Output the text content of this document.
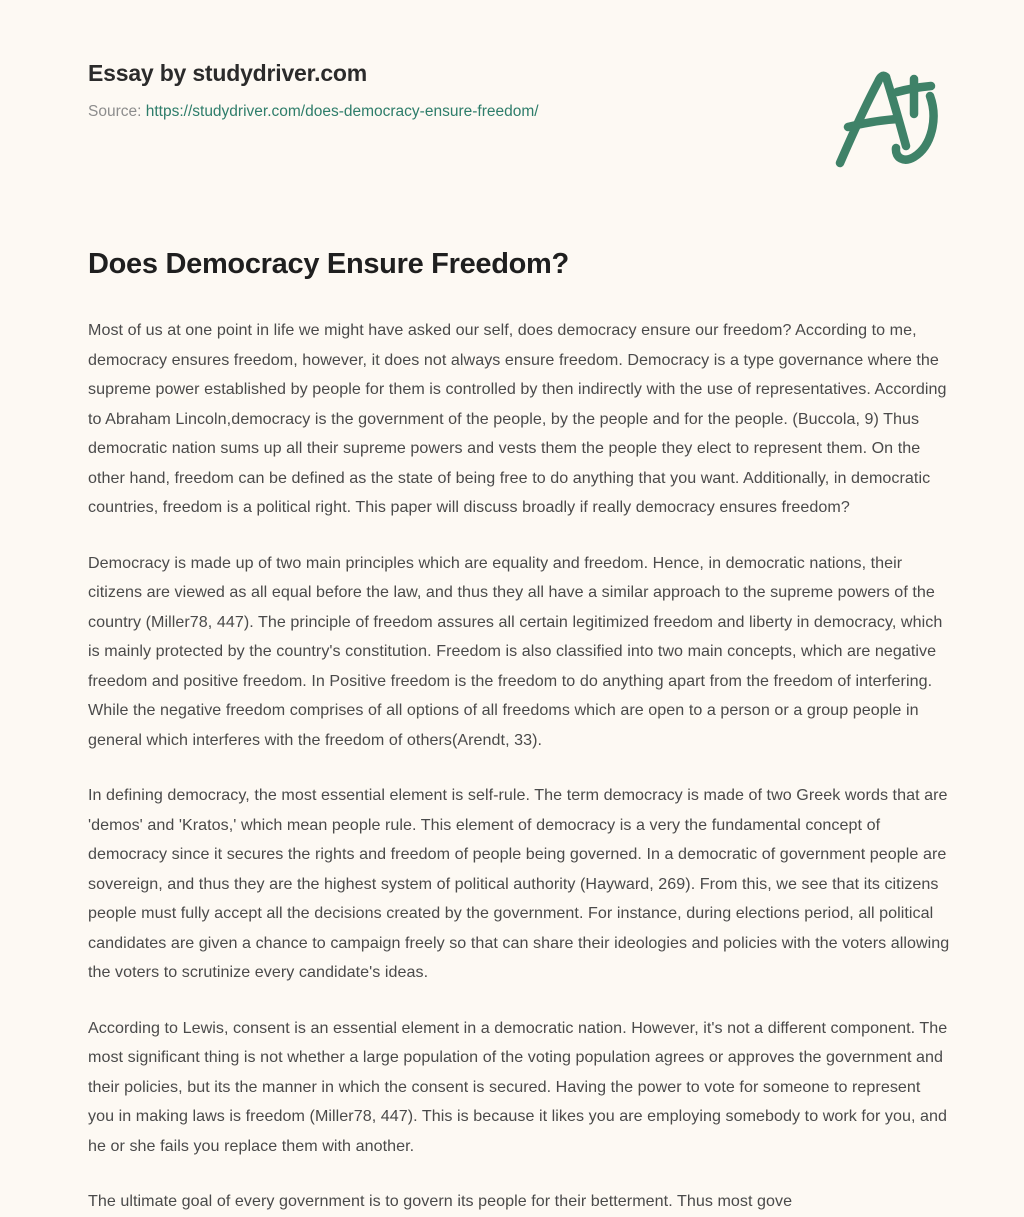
Essay by studydriver.com
Source: https://studydriver.com/does-democracy-ensure-freedom/
Does Democracy Ensure Freedom?

Most of us at one point in life we might have asked our self, does democracy ensure our freedom? According to me, democracy ensures freedom, however, it does not always ensure freedom. Democracy is a type governance where the supreme power established by people for them is controlled by then indirectly with the use of representatives. According to Abraham Lincoln,democracy is the government of the people, by the people and for the people. (Buccola, 9) Thus democratic nation sums up all their supreme powers and vests them the people they elect to represent them. On the other hand, freedom can be defined as the state of being free to do anything that you want. Additionally, in democratic countries, freedom is a political right. This paper will discuss broadly if really democracy ensures freedom?

Democracy is made up of two main principles which are equality and freedom. Hence, in democratic nations, their citizens are viewed as all equal before the law, and thus they all have a similar approach to the supreme powers of the country (Miller78, 447). The principle of freedom assures all certain legitimized freedom and liberty in democracy, which is mainly protected by the country's constitution. Freedom is also classified into two main concepts, which are negative freedom and positive freedom. In Positive freedom is the freedom to do anything apart from the freedom of interfering. While the negative freedom comprises of all options of all freedoms which are open to a person or a group people in general which interferes with the freedom of others(Arendt, 33).

In defining democracy, the most essential element is self-rule. The term democracy is made of two Greek words that are 'demos' and 'Kratos,' which mean people rule. This element of democracy is a very the fundamental concept of democracy since it secures the rights and freedom of people being governed. In a democratic of government people are sovereign, and thus they are the highest system of political authority (Hayward, 269). From this, we see that its citizens people must fully accept all the decisions created by the government. For instance, during elections period, all political candidates are given a chance to campaign freely so that can share their ideologies and policies with the voters allowing the voters to scrutinize every candidate's ideas.

According to Lewis, consent is an essential element in a democratic nation. However, it's not a different component. The most significant thing is not whether a large population of the voting population agrees or approves the government and their policies, but its the manner in which the consent is secured. Having the power to vote for someone to represent you in making laws is freedom (Miller78, 447). This is because it likes you are employing somebody to work for you, and he or she fails you replace them with another.

The ultimate goal of every government is to govern its people for their betterment. Thus most gove
